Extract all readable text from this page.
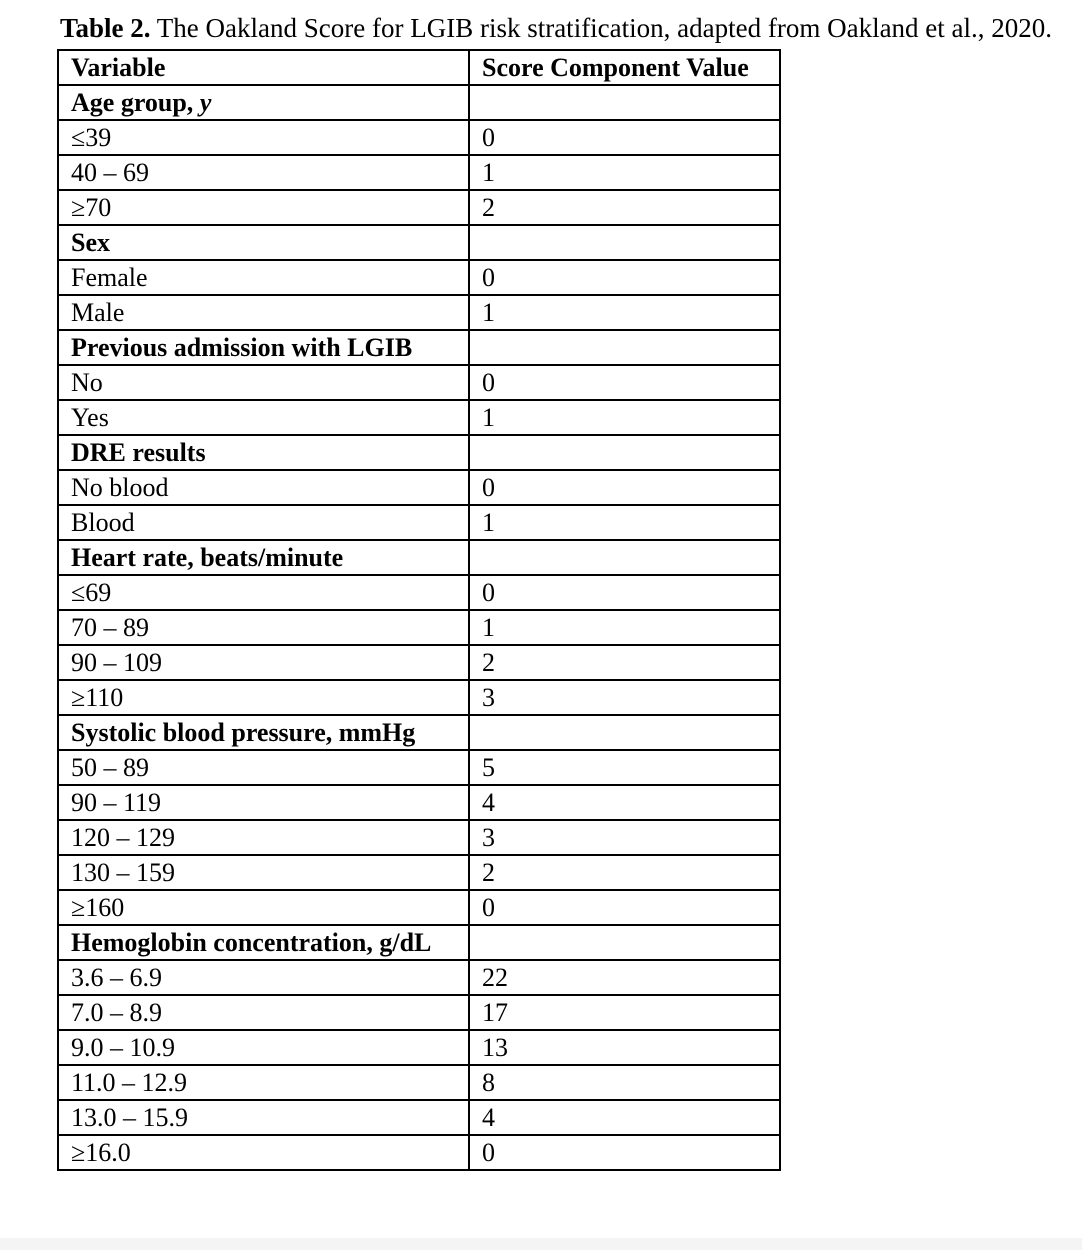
Table 2. The Oakland Score for LGIB risk stratification, adapted from Oakland et al., 2020.
Variable	Score Component Value
Age group, y	
≤39	0
40 – 69	1
≥70	2
Sex	
Female	0
Male	1
Previous admission with LGIB	
No	0
Yes	1
DRE results	
No blood	0
Blood	1
Heart rate, beats/minute	
≤69	0
70 – 89	1
90 – 109	2
≥110	3
Systolic blood pressure, mmHg	
50 – 89	5
90 – 119	4
120 – 129	3
130 – 159	2
≥160	0
Hemoglobin concentration, g/dL	
3.6 – 6.9	22
7.0 – 8.9	17
9.0 – 10.9	13
11.0 – 12.9	8
13.0 – 15.9	4
≥16.0	0
